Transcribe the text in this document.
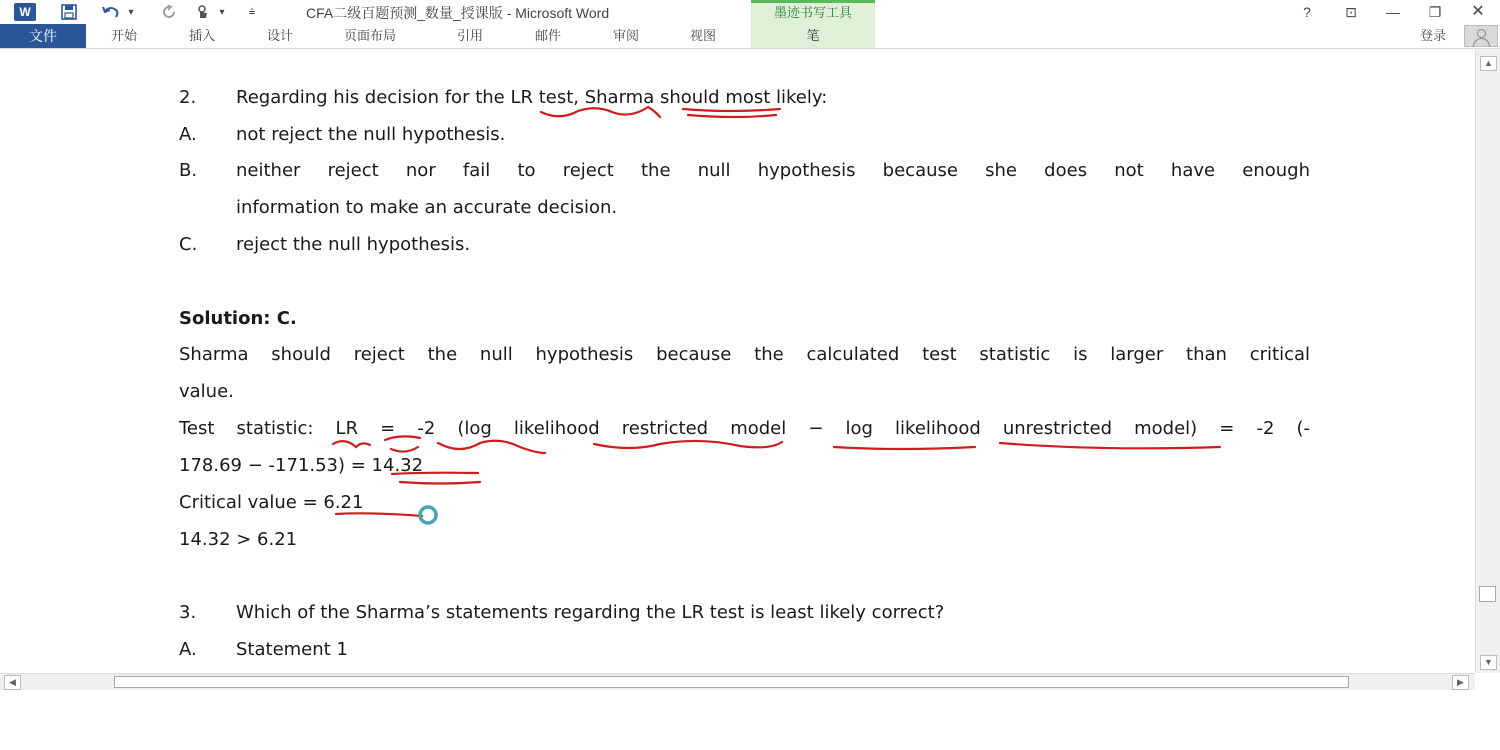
W	▾	▾	⩮	CFA二级百题预测_数量_授课版 - Microsoft Word	墨迹书写工具	?	⊡	—	❐	✕
文件	开始	插入	设计	页面布局	引用	邮件	审阅	视图	笔	登录
2. Regarding his decision for the LR test, Sharma should most likely:
A. not reject the null hypothesis.
B. neither reject nor fail to reject the null hypothesis because she does not have enough
information to make an accurate decision.
C. reject the null hypothesis.
Solution: C.
Sharma should reject the null hypothesis because the calculated test statistic is larger than critical
value.
Test statistic: LR = -2 (log likelihood restricted model − log likelihood unrestricted model) = -2 (-
178.69 − -171.53) = 14.32
Critical value = 6.21
14.32 > 6.21
3. Which of the Sharma’s statements regarding the LR test is least likely correct?
A. Statement 1
▲
▼
◀	▶
